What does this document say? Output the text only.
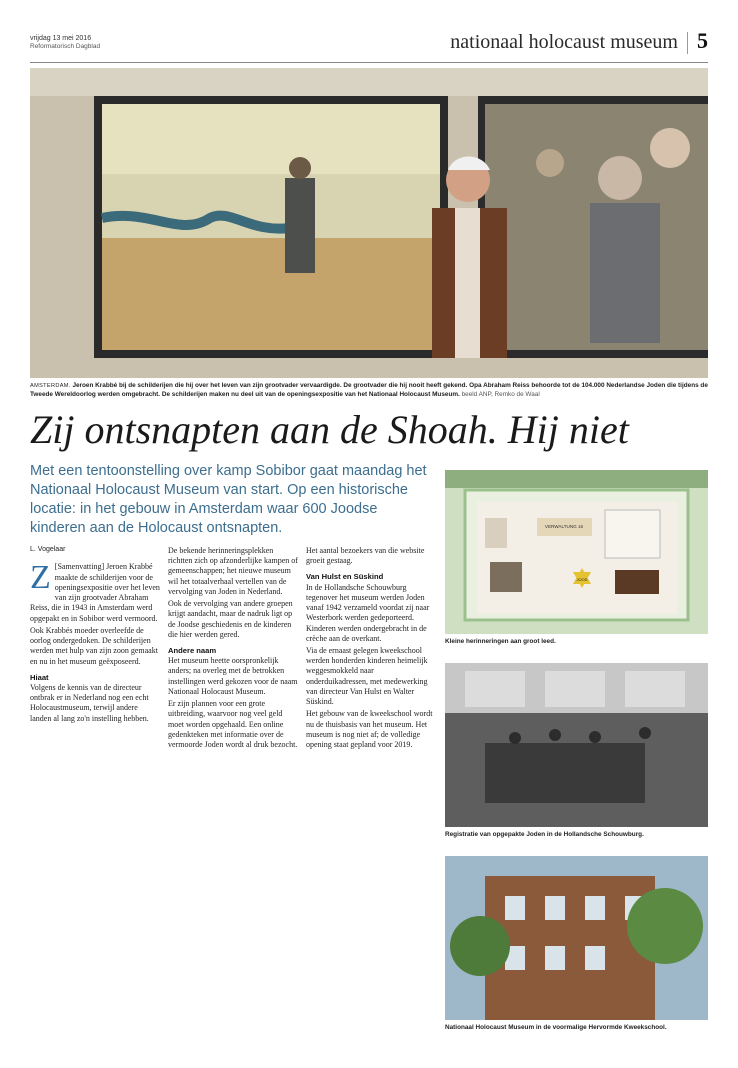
vrijdag 13 mei 2016
Reformatorisch Dagblad	nationaal holocaust museum 5
AMSTERDAM. Jeroen Krabbé bij de schilderijen die hij over het leven van zijn grootvader vervaardigde. De grootvader die hij nooit heeft gekend. Opa Abraham Reiss behoorde tot de 104.000 Nederlandse Joden die tijdens de Tweede Wereldoorlog werden omgebracht. De schilderijen maken nu deel uit van de openingsexpositie van het Nationaal Holocaust Museum. beeld ANP, Remko de Waal
Zij ontsnapten aan de Shoah. Hij niet

Met een tentoonstelling over kamp Sobibor gaat maandag het Nationaal Holocaust Museum van start. Op een historische locatie: in het gebouw in Amsterdam waar 600 Joodse kinderen aan de Holocaust ontsnapten.

L. Vogelaar

Z [Samenvatting] Jeroen Krabbé maakte de schilderijen voor de openingsexpositie over het leven van zijn grootvader Abraham Reiss, die in 1943 in Amsterdam werd opgepakt en in Sobibor werd vermoord.

Ook Krabbés moeder overleefde de oorlog ondergedoken. De schilderijen werden met hulp van zijn zoon gemaakt en nu in het museum geëxposeerd.

Hiaat

Volgens de kennis van de directeur ontbrak er in Nederland nog een echt Holocaustmuseum, terwijl andere landen al lang zo'n instelling hebben.

De bekende herinneringsplekken richtten zich op afzonderlijke kampen of gemeenschappen; het nieuwe museum wil het totaalverhaal vertellen van de vervolging van Joden in Nederland.

Ook de vervolging van andere groepen krijgt aandacht, maar de nadruk ligt op de Joodse geschiedenis en de kinderen die hier werden gered.

Andere naam

Het museum heette oorspronkelijk anders; na overleg met de betrokken instellingen werd gekozen voor de naam Nationaal Holocaust Museum.

Er zijn plannen voor een grote uitbreiding, waarvoor nog veel geld moet worden opgehaald. Een online gedenkteken met informatie over de vermoorde Joden wordt al druk bezocht.

Het aantal bezoekers van die website groeit gestaag.

Van Hulst en Süskind

In de Hollandsche Schouwburg tegenover het museum werden Joden vanaf 1942 verzameld voordat zij naar Westerbork werden gedeporteerd. Kinderen werden ondergebracht in de crèche aan de overkant.

Via de ernaast gelegen kweekschool werden honderden kinderen heimelijk weggesmokkeld naar onderduikadressen, met medewerking van directeur Van Hulst en Walter Süskind.

Het gebouw van de kweekschool wordt nu de thuisbasis van het museum. Het museum is nog niet af; de volledige opening staat gepland voor 2019.

VERWALTUNG 16
JOOD
Kleine herinneringen aan groot leed.
Registratie van opgepakte Joden in de Hollandsche Schouwburg.
Nationaal Holocaust Museum in de voormalige Hervormde Kweekschool.
